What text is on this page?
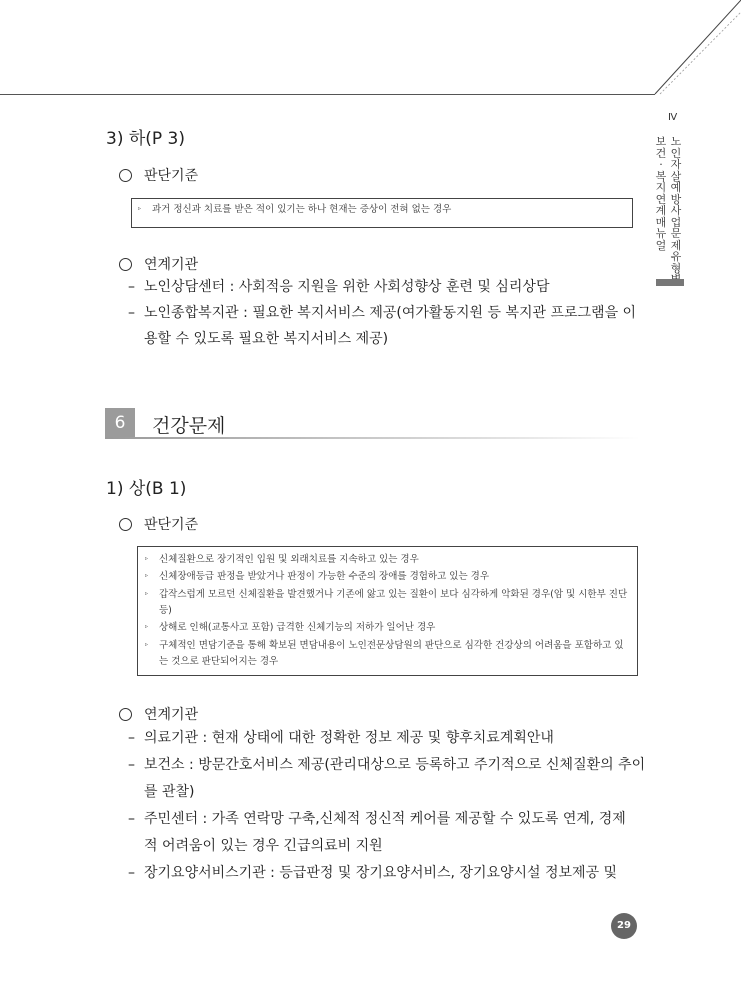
Ⅳ
노인자살예방사업 문제유형
보건·복지 연계 매뉴얼
3) 하(P 3)
판단기준
▹ 과거 정신과 치료를 받은 적이 있기는 하나 현재는 증상이 전혀 없는 경우
연계기관
– 노인상담센터 : 사회적응 지원을 위한 사회성향상 훈련 및 심리상담
– 노인종합복지관 : 필요한 복지서비스 제공(여가활동지원 등 복지관 프로그램을 이
용할 수 있도록 필요한 복지서비스 제공)
6	건강문제
1) 상(B 1)
판단기준
▹ 신체질환으로 장기적인 입원 및 외래치료를 지속하고 있는 경우
▹ 신체장애등급 판정을 받았거나 판정이 가능한 수준의 장애를 경험하고 있는 경우
▹ 갑작스럽게 모르던 신체질환을 발견했거나 기존에 앓고 있는 질환이 보다 심각하게 악화된 경우(암 및 시한부 진단 등)
▹ 상해로 인해(교통사고 포함) 급격한 신체기능의 저하가 일어난 경우
▹ 구체적인 면담기준을 통해 확보된 면담내용이 노인전문상담원의 판단으로 심각한 건강상의 어려움을 포함하고 있는 것으로 판단되어지는 경우
연계기관
– 의료기관 : 현재 상태에 대한 정확한 정보 제공 및 향후치료계획안내
– 보건소 : 방문간호서비스 제공(관리대상으로 등록하고 주기적으로 신체질환의 추이
를 관찰)
– 주민센터 : 가족 연락망 구축,신체적 정신적 케어를 제공할 수 있도록 연계, 경제
적 어려움이 있는 경우 긴급의료비 지원
– 장기요양서비스기관 : 등급판정 및 장기요양서비스, 장기요양시설 정보제공 및
29
